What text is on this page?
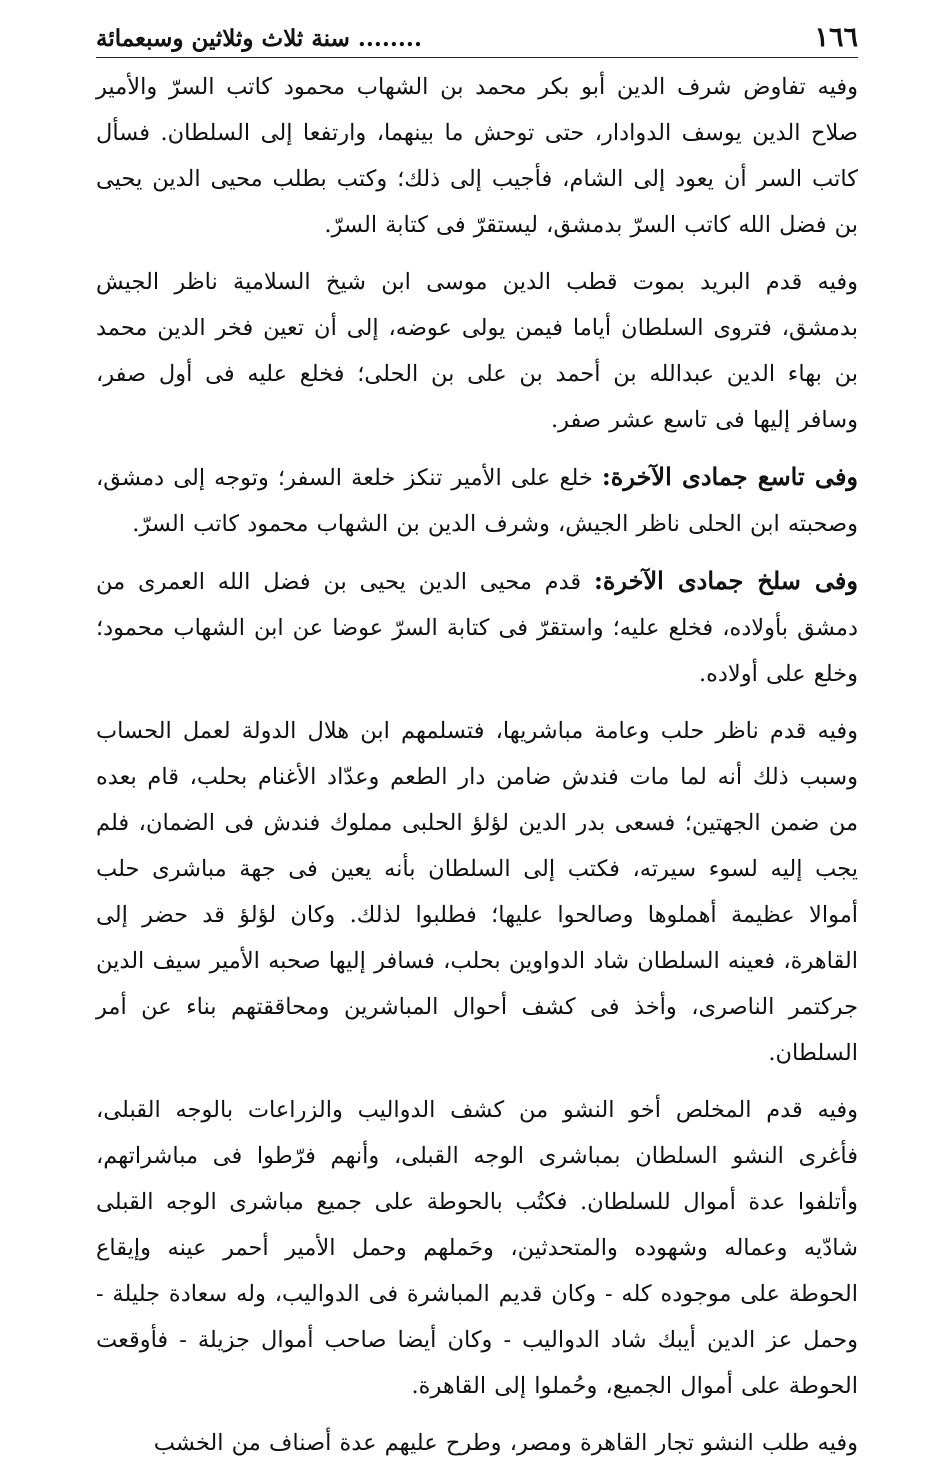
١٦٦
........سنة ثلاث وثلاثين وسبعمائة

وفيه تفاوض شرف الدين أبو بكر محمد بن الشهاب محمود كاتب السرّ والأمير صلاح الدين يوسف الدوادار، حتى توحش ما بينهما، وارتفعا إلى السلطان. فسأل كاتب السر أن يعود إلى الشام، فأجيب إلى ذلك؛ وكتب بطلب محيى الدين يحيى بن فضل الله كاتب السرّ بدمشق، ليستقرّ فى كتابة السرّ.

وفيه قدم البريد بموت قطب الدين موسى ابن شيخ السلامية ناظر الجيش بدمشق، فتروى السلطان أياما فيمن يولى عوضه، إلى أن تعين فخر الدين محمد بن بهاء الدين عبدالله بن أحمد بن على بن الحلى؛ فخلع عليه فى أول صفر، وسافر إليها فى تاسع عشر صفر.

وفى تاسع جمادى الآخرة: خلع على الأمير تنكز خلعة السفر؛ وتوجه إلى دمشق، وصحبته ابن الحلى ناظر الجيش، وشرف الدين بن الشهاب محمود كاتب السرّ.

وفى سلخ جمادى الآخرة: قدم محيى الدين يحيى بن فضل الله العمرى من دمشق بأولاده، فخلع عليه؛ واستقرّ فى كتابة السرّ عوضا عن ابن الشهاب محمود؛ وخلع على أولاده.

وفيه قدم ناظر حلب وعامة مباشريها، فتسلمهم ابن هلال الدولة لعمل الحساب وسبب ذلك أنه لما مات فندش ضامن دار الطعم وعدّاد الأغنام بحلب، قام بعده من ضمن الجهتين؛ فسعى بدر الدين لؤلؤ الحلبى مملوك فندش فى الضمان، فلم يجب إليه لسوء سيرته، فكتب إلى السلطان بأنه يعين فى جهة مباشرى حلب أموالا عظيمة أهملوها وصالحوا عليها؛ فطلبوا لذلك. وكان لؤلؤ قد حضر إلى القاهرة، فعينه السلطان شاد الدواوين بحلب، فسافر إليها صحبه الأمير سيف الدين جركتمر الناصرى، وأخذ فى كشف أحوال المباشرين ومحاققتهم بناء عن أمر السلطان.

وفيه قدم المخلص أخو النشو من كشف الدواليب والزراعات بالوجه القبلى، فأغرى النشو السلطان بمباشرى الوجه القبلى، وأنهم فرّطوا فى مباشراتهم، وأتلفوا عدة أموال للسلطان. فكتُب بالحوطة على جميع مباشرى الوجه القبلى شادّيه وعماله وشهوده والمتحدثين، وحَملهم وحمل الأمير أحمر عينه وإيقاع الحوطة على موجوده كله - وكان قديم المباشرة فى الدواليب، وله سعادة جليلة - وحمل عز الدين أيبك شاد الدواليب - وكان أيضا صاحب أموال جزيلة - فأوقعت الحوطة على أموال الجميع، وحُملوا إلى القاهرة.

وفيه طلب النشو تجار القاهرة ومصر، وطرح عليهم عدة أصناف من الخشب
